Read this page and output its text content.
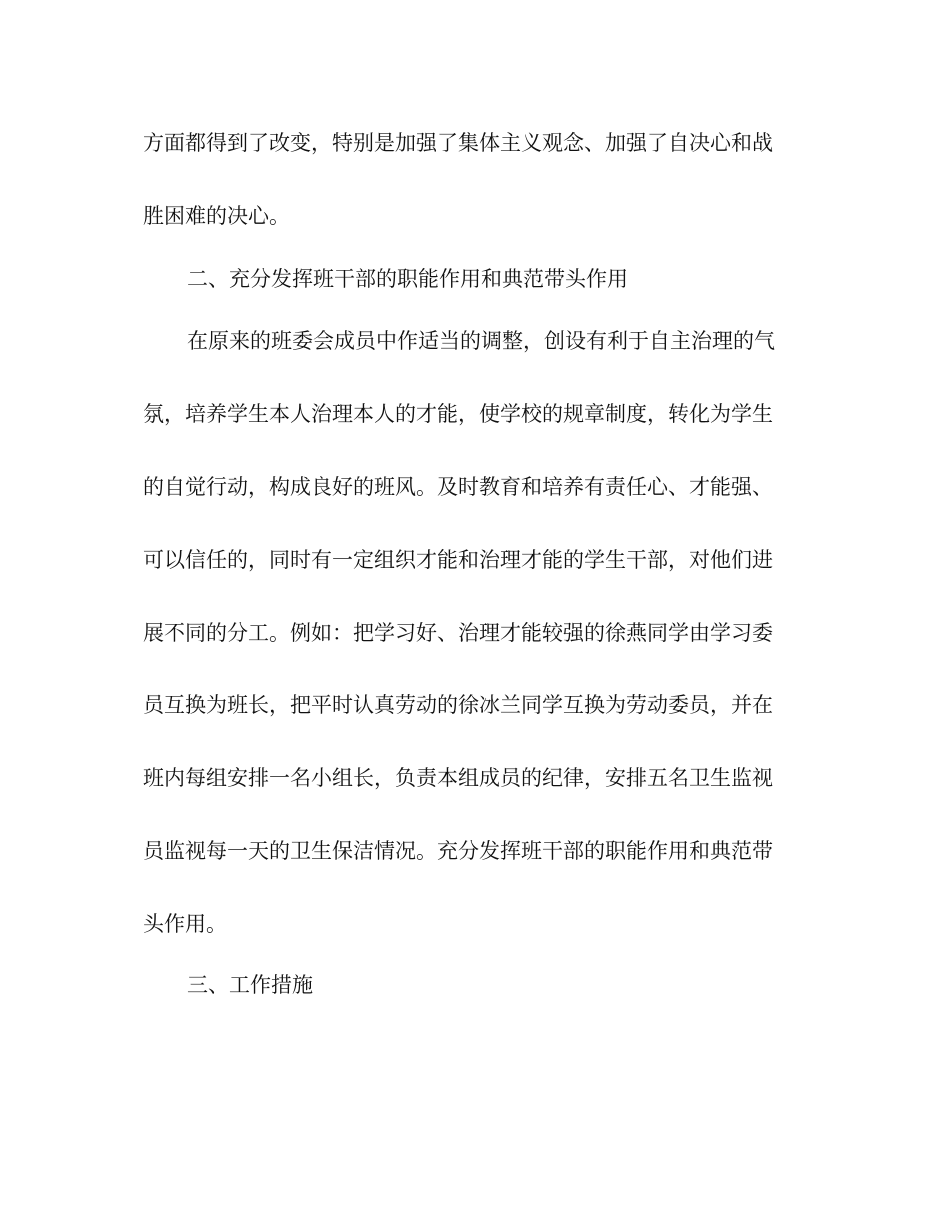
方面都得到了改变，特别是加强了集体主义观念、加强了自决心和战
胜困难的决心。
二、充分发挥班干部的职能作用和典范带头作用
在原来的班委会成员中作适当的调整，创设有利于自主治理的气
氛，培养学生本人治理本人的才能，使学校的规章制度，转化为学生
的自觉行动，构成良好的班风。及时教育和培养有责任心、才能强、
可以信任的，同时有一定组织才能和治理才能的学生干部，对他们进
展不同的分工。例如：把学习好、治理才能较强的徐燕同学由学习委
员互换为班长，把平时认真劳动的徐冰兰同学互换为劳动委员，并在
班内每组安排一名小组长，负责本组成员的纪律，安排五名卫生监视
员监视每一天的卫生保洁情况。充分发挥班干部的职能作用和典范带
头作用。
三、工作措施
